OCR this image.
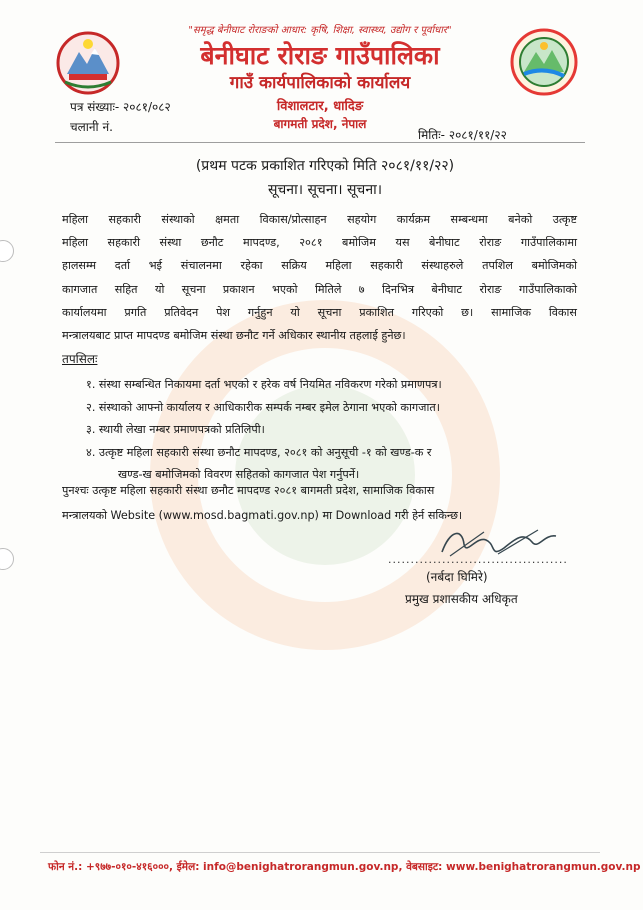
"समृद्ध बेनीघाट रोराङको आधार: कृषि, शिक्षा, स्वास्थ्य, उद्योग र पूर्वाधार"
बेनीघाट रोराङ गाउँपालिका
गाउँ कार्यपालिकाको कार्यालय
विशालटार, धादिङ
बागमती प्रदेश, नेपाल
पत्र संख्याः- २०८१/०८२
चलानी नं.
मितिः- २०८१/११/२२
(प्रथम पटक प्रकाशित गरिएको मिति २०८१/११/२२)
सूचना। सूचना। सूचना।
महिला सहकारी संस्थाको क्षमता विकास/प्रोत्साहन सहयोग कार्यक्रम सम्बन्धमा बनेको उत्कृष्ट
महिला सहकारी संस्था छनौट मापदण्ड, २०८१ बमोजिम यस बेनीघाट रोराङ गाउँपालिकामा
हालसम्म दर्ता भई संचालनमा रहेका सक्रिय महिला सहकारी संस्थाहरुले तपशिल बमोजिमको
कागजात सहित यो सूचना प्रकाशन भएको मितिले ७ दिनभित्र बेनीघाट रोराङ गाउँपालिकाको
कार्यालयमा प्रगति प्रतिवेदन पेश गर्नुहुन यो सूचना प्रकाशित गरिएको छ। सामाजिक विकास
मन्त्रालयबाट प्राप्त मापदण्ड बमोजिम संस्था छनौट गर्ने अधिकार स्थानीय तहलाई हुनेछ।
तपसिलः
१. संस्था सम्बन्धित निकायमा दर्ता भएको र हरेक वर्ष नियमित नविकरण गरेको प्रमाणपत्र।
२. संस्थाको आफ्नो कार्यालय र आधिकारीक सम्पर्क नम्बर इमेल ठेगाना भएको कागजात।
३. स्थायी लेखा नम्बर प्रमाणपत्रको प्रतिलिपी।
४. उत्कृष्ट महिला सहकारी संस्था छनौट मापदण्ड, २०८१ को अनुसूची -१ को खण्ड-क र
खण्ड-ख बमोजिमको विवरण सहितको कागजात पेश गर्नुपर्ने।
पुनश्चः उत्कृष्ट महिला सहकारी संस्था छनौट मापदण्ड २०८१ बागमती प्रदेश, सामाजिक विकास
मन्त्रालयको Website (www.mosd.bagmati.gov.np) मा Download गरी हेर्न सकिन्छ।
........................................
(नर्बदा घिमिरे)
प्रमुख प्रशासकीय अधिकृत
फोन नं.: +९७७-०१०-४१६०००, ईमेल: info@benighatrorangmun.gov.np, वेबसाइट: www.benighatrorangmun.gov.np
